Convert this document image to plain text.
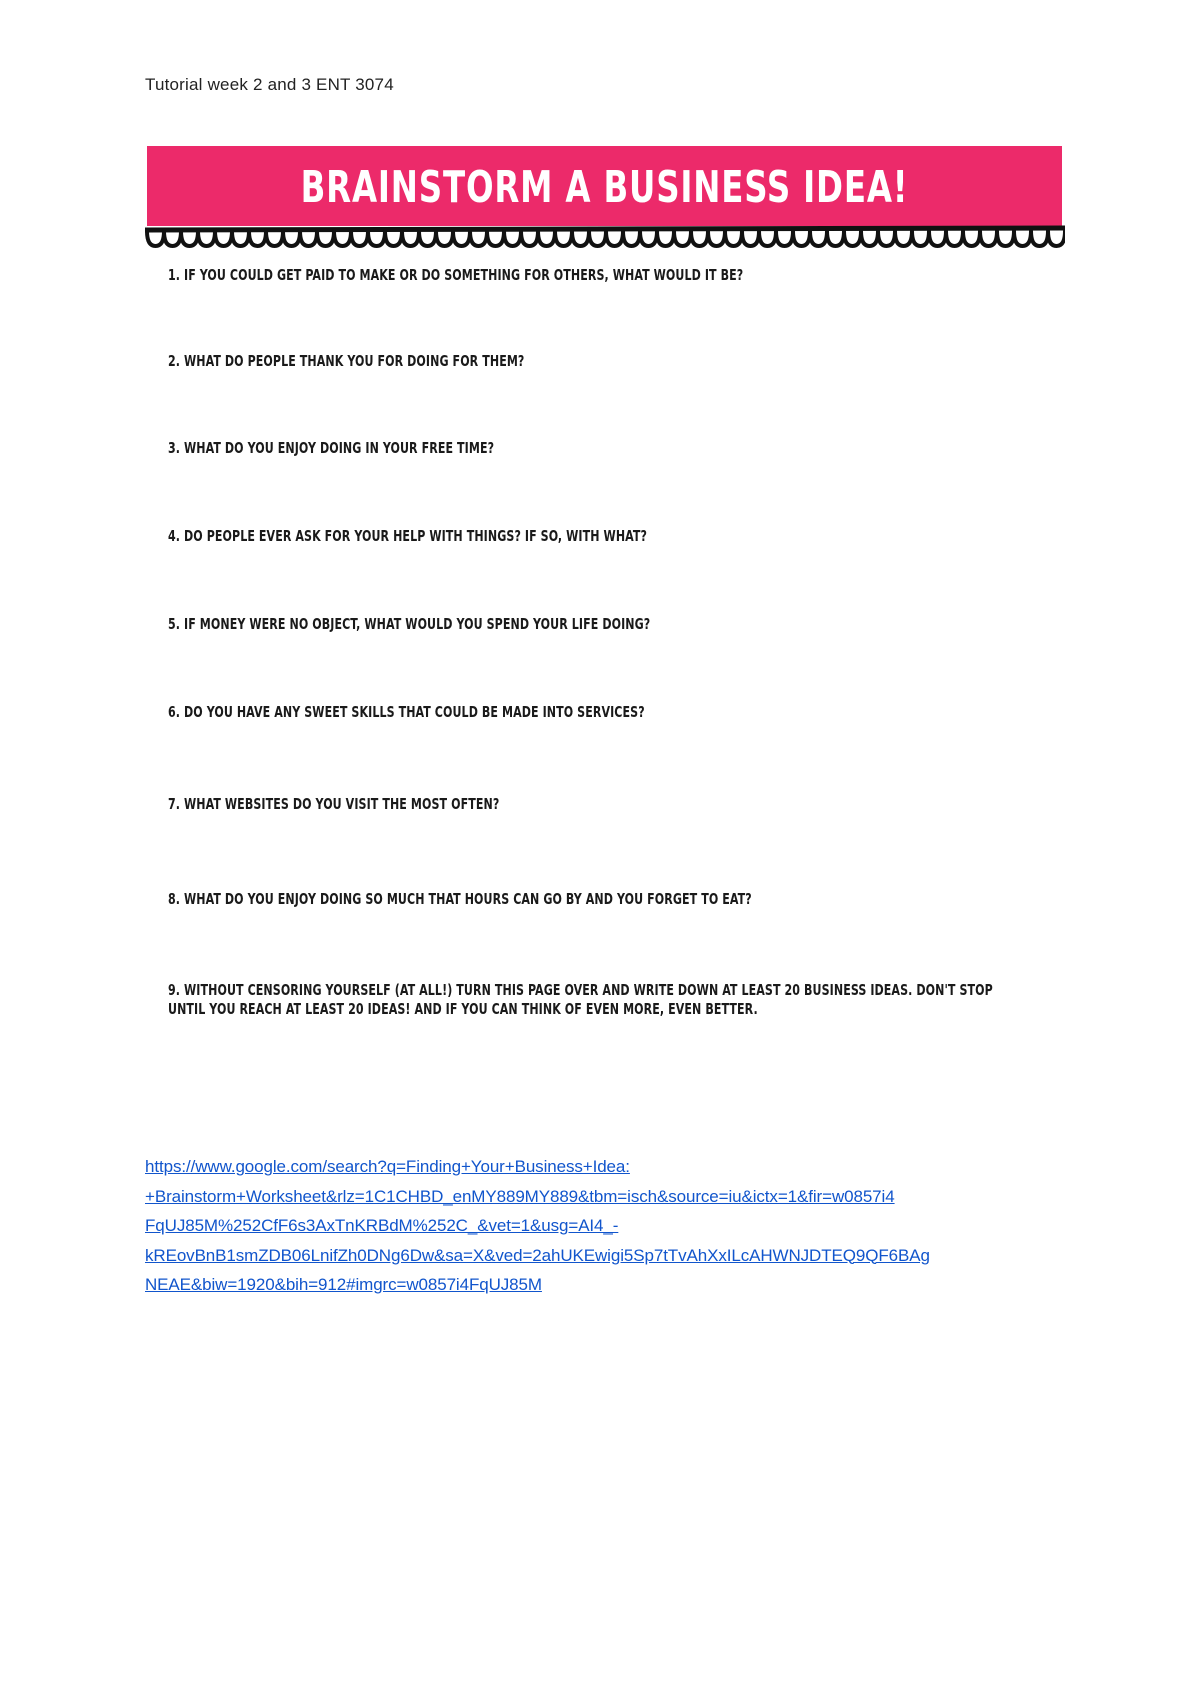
Tutorial week 2 and 3 ENT 3074
BRAINSTORM A BUSINESS IDEA!
1. IF YOU COULD GET PAID TO MAKE OR DO SOMETHING FOR OTHERS, WHAT WOULD IT BE?
2. WHAT DO PEOPLE THANK YOU FOR DOING FOR THEM?
3. WHAT DO YOU ENJOY DOING IN YOUR FREE TIME?
4. DO PEOPLE EVER ASK FOR YOUR HELP WITH THINGS? IF SO, WITH WHAT?
5. IF MONEY WERE NO OBJECT, WHAT WOULD YOU SPEND YOUR LIFE DOING?
6. DO YOU HAVE ANY SWEET SKILLS THAT COULD BE MADE INTO SERVICES?
7. WHAT WEBSITES DO YOU VISIT THE MOST OFTEN?
8. WHAT DO YOU ENJOY DOING SO MUCH THAT HOURS CAN GO BY AND YOU FORGET TO EAT?
9. WITHOUT CENSORING YOURSELF (AT ALL!) TURN THIS PAGE OVER AND WRITE DOWN AT LEAST 20 BUSINESS IDEAS. DON'T STOP
UNTIL YOU REACH AT LEAST 20 IDEAS! AND IF YOU CAN THINK OF EVEN MORE, EVEN BETTER.
https://www.google.com/search?q=Finding+Your+Business+Idea:
+Brainstorm+Worksheet&rlz=1C1CHBD_enMY889MY889&tbm=isch&source=iu&ictx=1&fir=w0857i4
FqUJ85M%252CfF6s3AxTnKRBdM%252C_&vet=1&usg=AI4_-
kREovBnB1smZDB06LnifZh0DNg6Dw&sa=X&ved=2ahUKEwigi5Sp7tTvAhXxILcAHWNJDTEQ9QF6BAg
NEAE&biw=1920&bih=912#imgrc=w0857i4FqUJ85M
